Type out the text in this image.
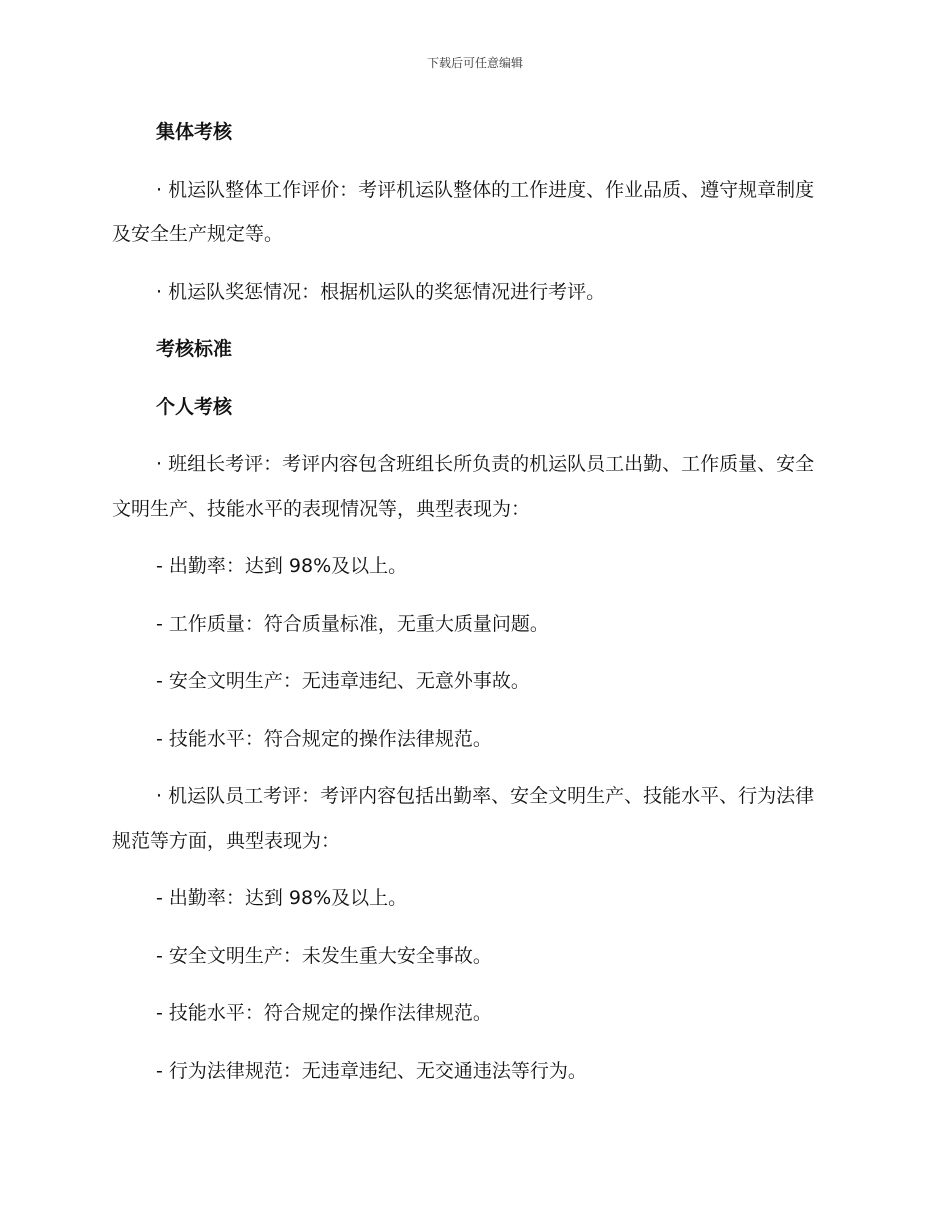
下载后可任意编辑

集体考核

· 机运队整体工作评价：考评机运队整体的工作进度、作业品质、遵守规章制度及安全生产规定等。

· 机运队奖惩情况：根据机运队的奖惩情况进行考评。

考核标准

个人考核

· 班组长考评：考评内容包含班组长所负责的机运队员工出勤、工作质量、安全文明生产、技能水平的表现情况等，典型表现为：

- 出勤率：达到 98%及以上。

- 工作质量：符合质量标准，无重大质量问题。

- 安全文明生产：无违章违纪、无意外事故。

- 技能水平：符合规定的操作法律规范。

· 机运队员工考评：考评内容包括出勤率、安全文明生产、技能水平、行为法律规范等方面，典型表现为：

- 出勤率：达到 98%及以上。

- 安全文明生产：未发生重大安全事故。

- 技能水平：符合规定的操作法律规范。

- 行为法律规范：无违章违纪、无交通违法等行为。
